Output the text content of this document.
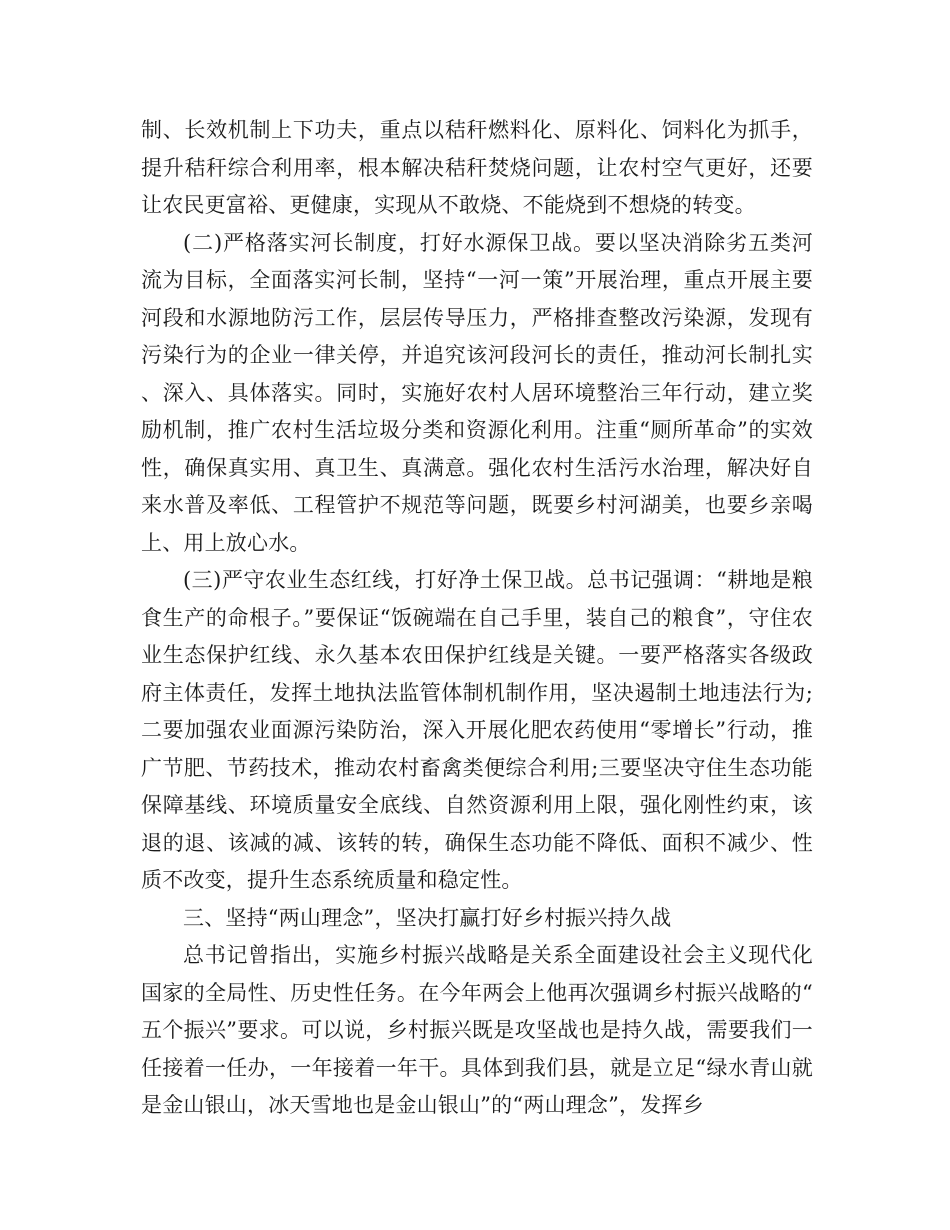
制、长效机制上下功夫，重点以秸秆燃料化、原料化、饲料化为抓手，提升秸秆综合利用率，根本解决秸秆焚烧问题，让农村空气更好，还要让农民更富裕、更健康，实现从不敢烧、不能烧到不想烧的转变。

(二)严格落实河长制度，打好水源保卫战。要以坚决消除劣五类河流为目标，全面落实河长制，坚持“一河一策”开展治理，重点开展主要河段和水源地防污工作，层层传导压力，严格排查整改污染源，发现有污染行为的企业一律关停，并追究该河段河长的责任，推动河长制扎实、深入、具体落实。同时，实施好农村人居环境整治三年行动，建立奖励机制，推广农村生活垃圾分类和资源化利用。注重“厕所革命”的实效性，确保真实用、真卫生、真满意。强化农村生活污水治理，解决好自来水普及率低、工程管护不规范等问题，既要乡村河湖美，也要乡亲喝上、用上放心水。

(三)严守农业生态红线，打好净土保卫战。总书记强调：“耕地是粮食生产的命根子。”要保证“饭碗端在自己手里，装自己的粮食”，守住农业生态保护红线、永久基本农田保护红线是关键。一要严格落实各级政府主体责任，发挥土地执法监管体制机制作用，坚决遏制土地违法行为;二要加强农业面源污染防治，深入开展化肥农药使用“零增长”行动，推广节肥、节药技术，推动农村畜禽类便综合利用;三要坚决守住生态功能保障基线、环境质量安全底线、自然资源利用上限，强化刚性约束，该退的退、该减的减、该转的转，确保生态功能不降低、面积不减少、性质不改变，提升生态系统质量和稳定性。

三、坚持“两山理念”，坚决打赢打好乡村振兴持久战

总书记曾指出，实施乡村振兴战略是关系全面建设社会主义现代化国家的全局性、历史性任务。在今年两会上他再次强调乡村振兴战略的“五个振兴”要求。可以说，乡村振兴既是攻坚战也是持久战，需要我们一任接着一任办，一年接着一年干。具体到我们县，就是立足“绿水青山就是金山银山，冰天雪地也是金山银山”的“两山理念”，发挥乡
